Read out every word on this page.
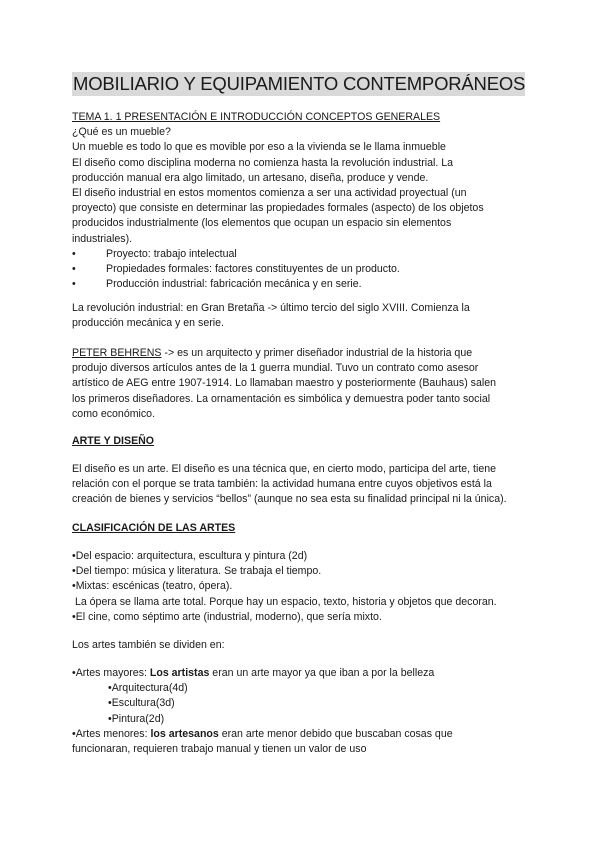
MOBILIARIO Y EQUIPAMIENTO CONTEMPORÁNEOS

TEMA 1. 1 PRESENTACIÓN E INTRODUCCIÓN CONCEPTOS GENERALES

¿Qué es un mueble?

Un mueble es todo lo que es movible por eso a la vivienda se le llama inmueble

El diseño como disciplina moderna no comienza hasta la revolución industrial. La

producción manual era algo limitado, un artesano, diseña, produce y vende.

El diseño industrial en estos momentos comienza a ser una actividad proyectual (un

proyecto) que consiste en determinar las propiedades formales (aspecto) de los objetos

producidos industrialmente (los elementos que ocupan un espacio sin elementos

industriales).

•	Proyecto: trabajo intelectual

•	Propiedades formales: factores constituyentes de un producto.

•	Producción industrial: fabricación mecánica y en serie.

La revolución industrial: en Gran Bretaña -> último tercio del siglo XVIII. Comienza la

producción mecánica y en serie.

PETER BEHRENS -> es un arquitecto y primer diseñador industrial de la historia que

produjo diversos artículos antes de la 1 guerra mundial. Tuvo un contrato como asesor

artístico de AEG entre 1907-1914. Lo llamaban maestro y posteriormente (Bauhaus) salen

los primeros diseñadores. La ornamentación es simbólica y demuestra poder tanto social

como económico.

ARTE Y DISEÑO

El diseño es un arte. El diseño es una técnica que, en cierto modo, participa del arte, tiene

relación con el porque se trata también: la actividad humana entre cuyos objetivos está la

creación de bienes y servicios “bellos” (aunque no sea esta su finalidad principal ni la única).

CLASIFICACIÓN DE LAS ARTES

•Del espacio: arquitectura, escultura y pintura (2d)

•Del tiempo: música y literatura. Se trabaja el tiempo.

•Mixtas: escénicas (teatro, ópera).

La ópera se llama arte total. Porque hay un espacio, texto, historia y objetos que decoran.

•El cine, como séptimo arte (industrial, moderno), que sería mixto.

Los artes también se dividen en:

•Artes mayores: Los artistas eran un arte mayor ya que iban a por la belleza

•Arquitectura(4d)

•Escultura(3d)

•Pintura(2d)

•Artes menores: los artesanos eran arte menor debido que buscaban cosas que

funcionaran, requieren trabajo manual y tienen un valor de uso
